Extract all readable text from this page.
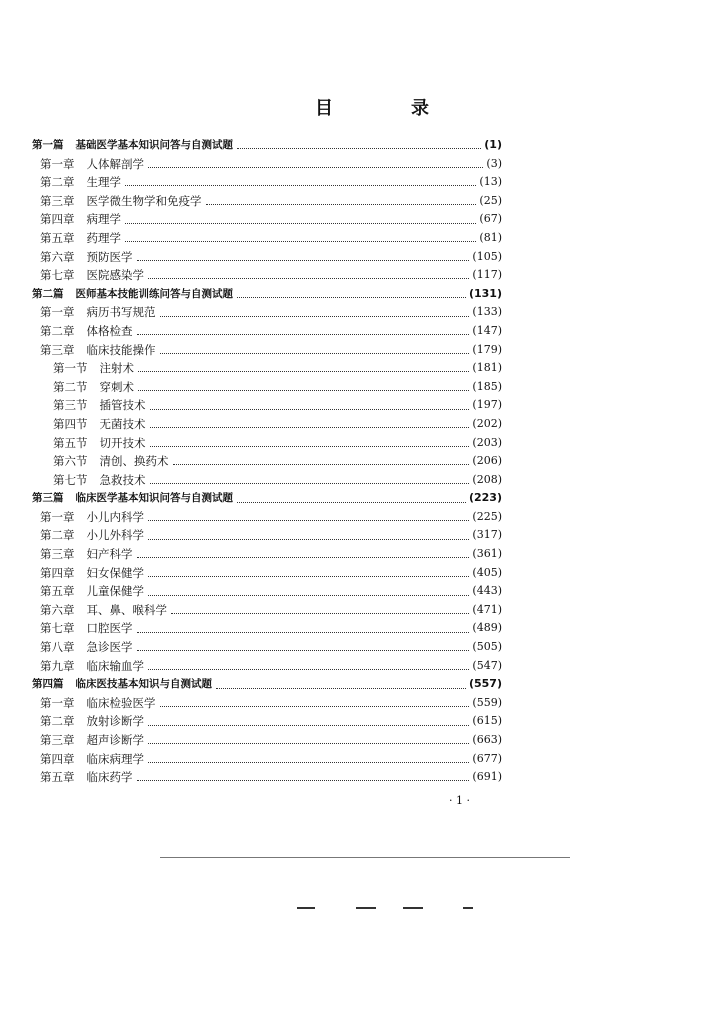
目　录
第一篇 基础医学基本知识问答与自测试题	(1)
第一章 人体解剖学	(3)
第二章 生理学	(13)
第三章 医学微生物学和免疫学	(25)
第四章 病理学	(67)
第五章 药理学	(81)
第六章 预防医学	(105)
第七章 医院感染学	(117)
第二篇 医师基本技能训练问答与自测试题	(131)
第一章 病历书写规范	(133)
第二章 体格检查	(147)
第三章 临床技能操作	(179)
第一节 注射术	(181)
第二节 穿刺术	(185)
第三节 插管技术	(197)
第四节 无菌技术	(202)
第五节 切开技术	(203)
第六节 清创、换药术	(206)
第七节 急救技术	(208)
第三篇 临床医学基本知识问答与自测试题	(223)
第一章 小儿内科学	(225)
第二章 小儿外科学	(317)
第三章 妇产科学	(361)
第四章 妇女保健学	(405)
第五章 儿童保健学	(443)
第六章 耳、鼻、喉科学	(471)
第七章 口腔医学	(489)
第八章 急诊医学	(505)
第九章 临床输血学	(547)
第四篇 临床医技基本知识与自测试题	(557)
第一章 临床检验医学	(559)
第二章 放射诊断学	(615)
第三章 超声诊断学	(663)
第四章 临床病理学	(677)
第五章 临床药学	(691)
· 1 ·
